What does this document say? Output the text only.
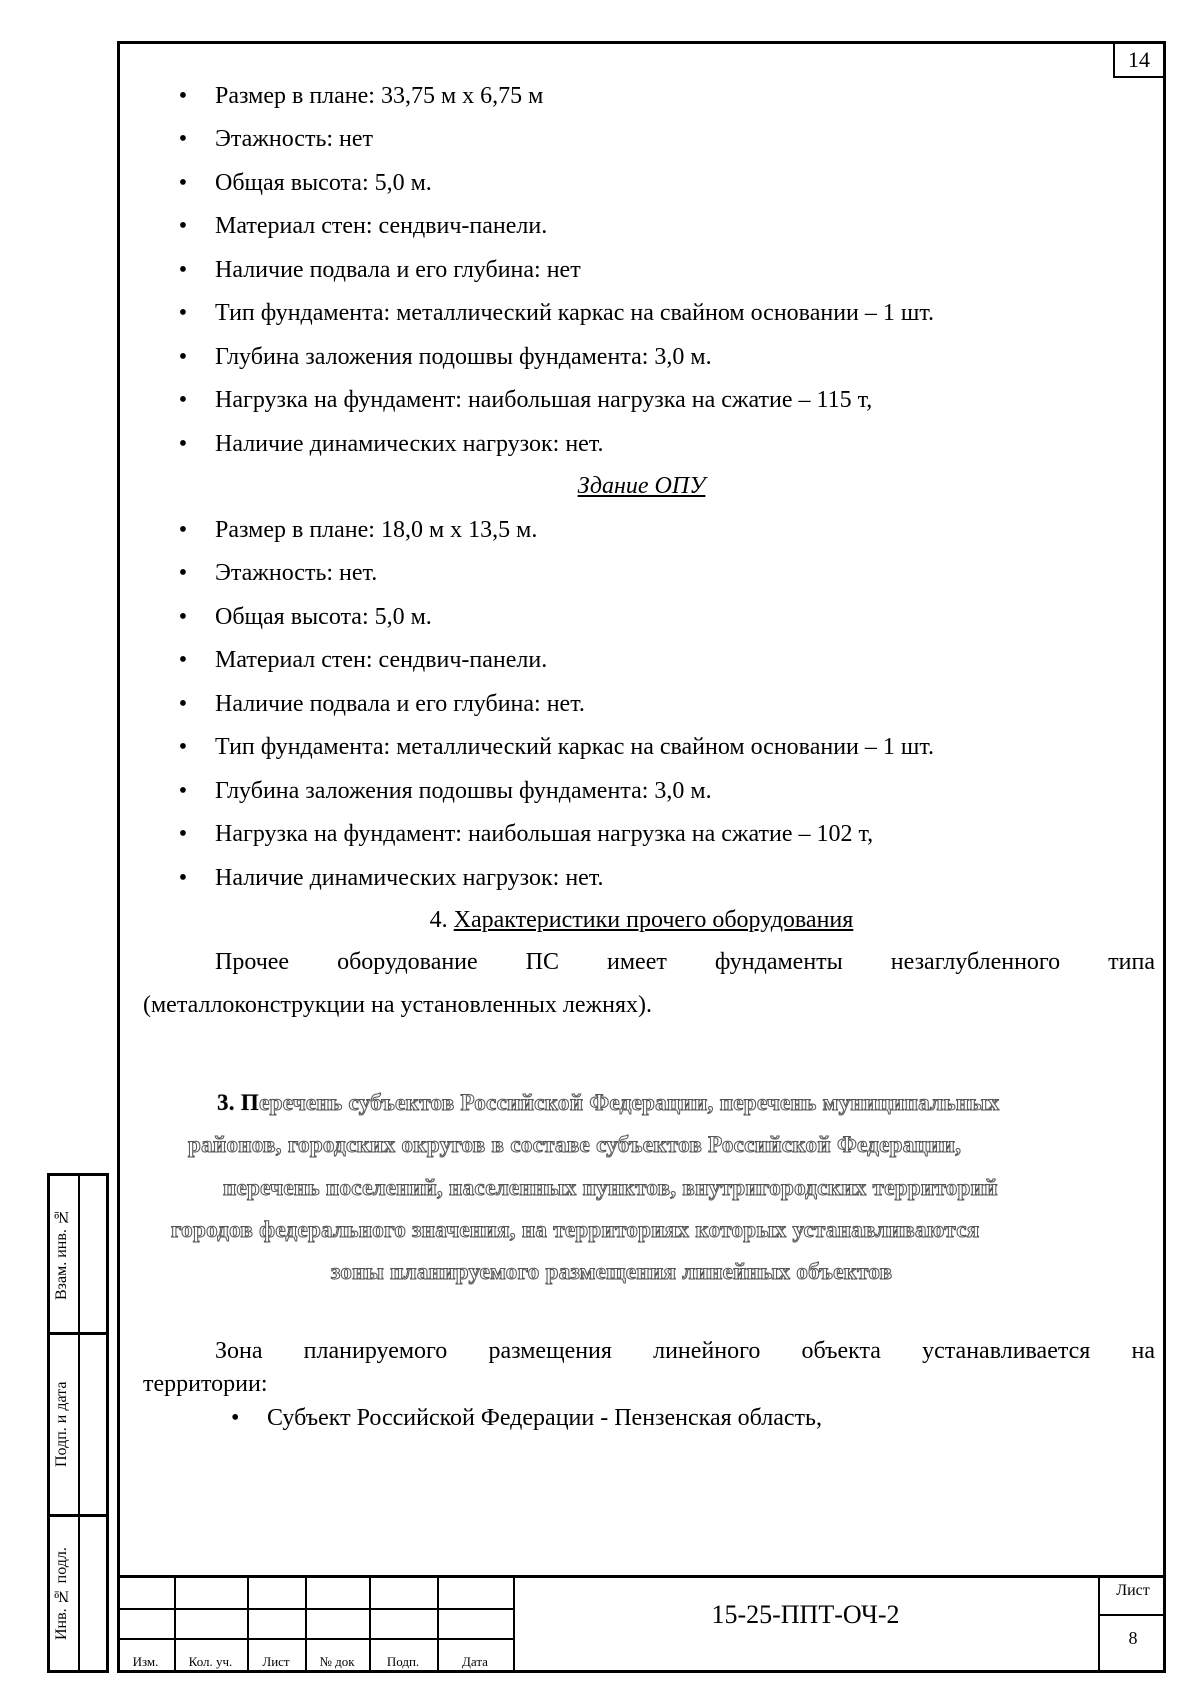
14
• Размер в плане: 33,75 м х 6,75 м
• Этажность: нет
• Общая высота: 5,0 м.
• Материал стен: сендвич-панели.
• Наличие подвала и его глубина: нет
• Тип фундамента: металлический каркас на свайном основании – 1 шт.
• Глубина заложения подошвы фундамента: 3,0 м.
• Нагрузка на фундамент: наибольшая нагрузка на сжатие – 115 т,
• Наличие динамических нагрузок: нет.
Здание ОПУ
• Размер в плане: 18,0 м х 13,5 м.
• Этажность: нет.
• Общая высота: 5,0 м.
• Материал стен: сендвич-панели.
• Наличие подвала и его глубина: нет.
• Тип фундамента: металлический каркас на свайном основании – 1 шт.
• Глубина заложения подошвы фундамента: 3,0 м.
• Нагрузка на фундамент: наибольшая нагрузка на сжатие – 102 т,
• Наличие динамических нагрузок: нет.
4. Характеристики прочего оборудования
Прочее оборудование ПС имеет фундаменты незаглубленного типа
(металлоконструкции на установленных лежнях).
3. Перечень субъектов Российской Федерации, перечень муниципальных
районов, городских округов в составе субъектов Российской Федерации,
перечень поселений, населенных пунктов, внутригородских территорий
городов федерального значения, на территориях которых устанавливаются
зоны планируемого размещения линейных объектов
Зона планируемого размещения линейного объекта устанавливается на
территории:
• Субъект Российской Федерации - Пензенская область,
Взам. инв. №
Подп. и дата
Инв. № подл.
Изм.	Кол. уч.	Лист	№ док	Подп.	Дата
15-25-ППТ-ОЧ-2
Лист
8
